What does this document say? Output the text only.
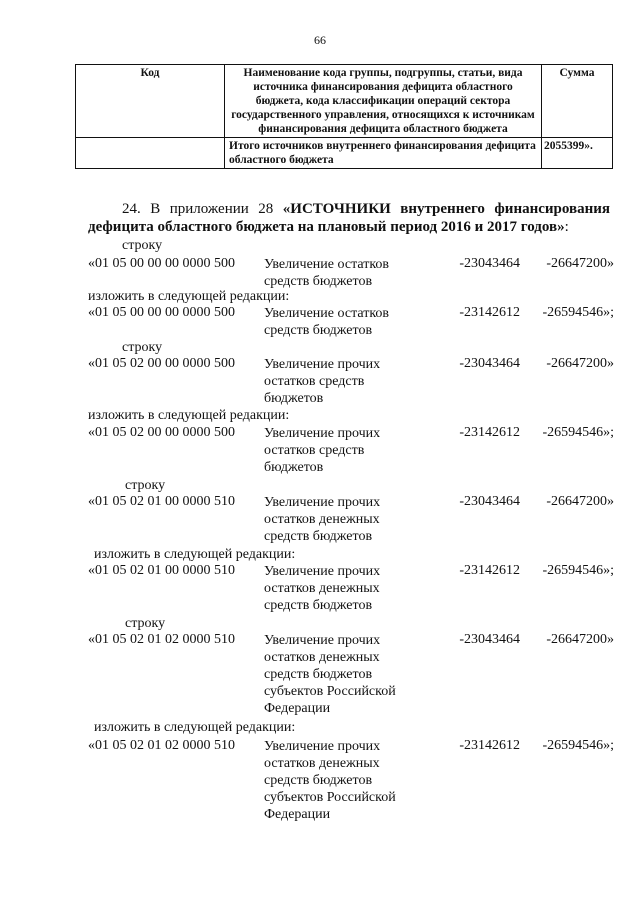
66
Код	Наименование кода группы, подгруппы, статьи, вида источника финансирования дефицита областного бюджета, кода классификации операций сектора государственного управления, относящихся к источникам финансирования дефицита областного бюджета	Сумма
	Итого источников внутреннего финансирования дефицита областного бюджета	2055399».
24. В приложении 28 «ИСТОЧНИКИ внутреннего финансирования дефицита областного бюджета на плановый период 2016 и 2017 годов»:
строку
«01 05 00 00 00 0000 500 Увеличение остатков
средств бюджетов
-23043464	-26647200»
изложить в следующей редакции:
«01 05 00 00 00 0000 500 Увеличение остатков
средств бюджетов
-23142612	-26594546»;
строку
«01 05 02 00 00 0000 500 Увеличение прочих
остатков средств
бюджетов
-23043464	-26647200»
изложить в следующей редакции:
«01 05 02 00 00 0000 500 Увеличение прочих
остатков средств
бюджетов
-23142612	-26594546»;
строку
«01 05 02 01 00 0000 510 Увеличение прочих
остатков денежных
средств бюджетов
-23043464	-26647200»
изложить в следующей редакции:
«01 05 02 01 00 0000 510 Увеличение прочих
остатков денежных
средств бюджетов
-23142612	-26594546»;
строку
«01 05 02 01 02 0000 510 Увеличение прочих
остатков денежных
средств бюджетов
субъектов Российской
Федерации
-23043464	-26647200»
изложить в следующей редакции:
«01 05 02 01 02 0000 510 Увеличение прочих
остатков денежных
средств бюджетов
субъектов Российской
Федерации
-23142612	-26594546»;
